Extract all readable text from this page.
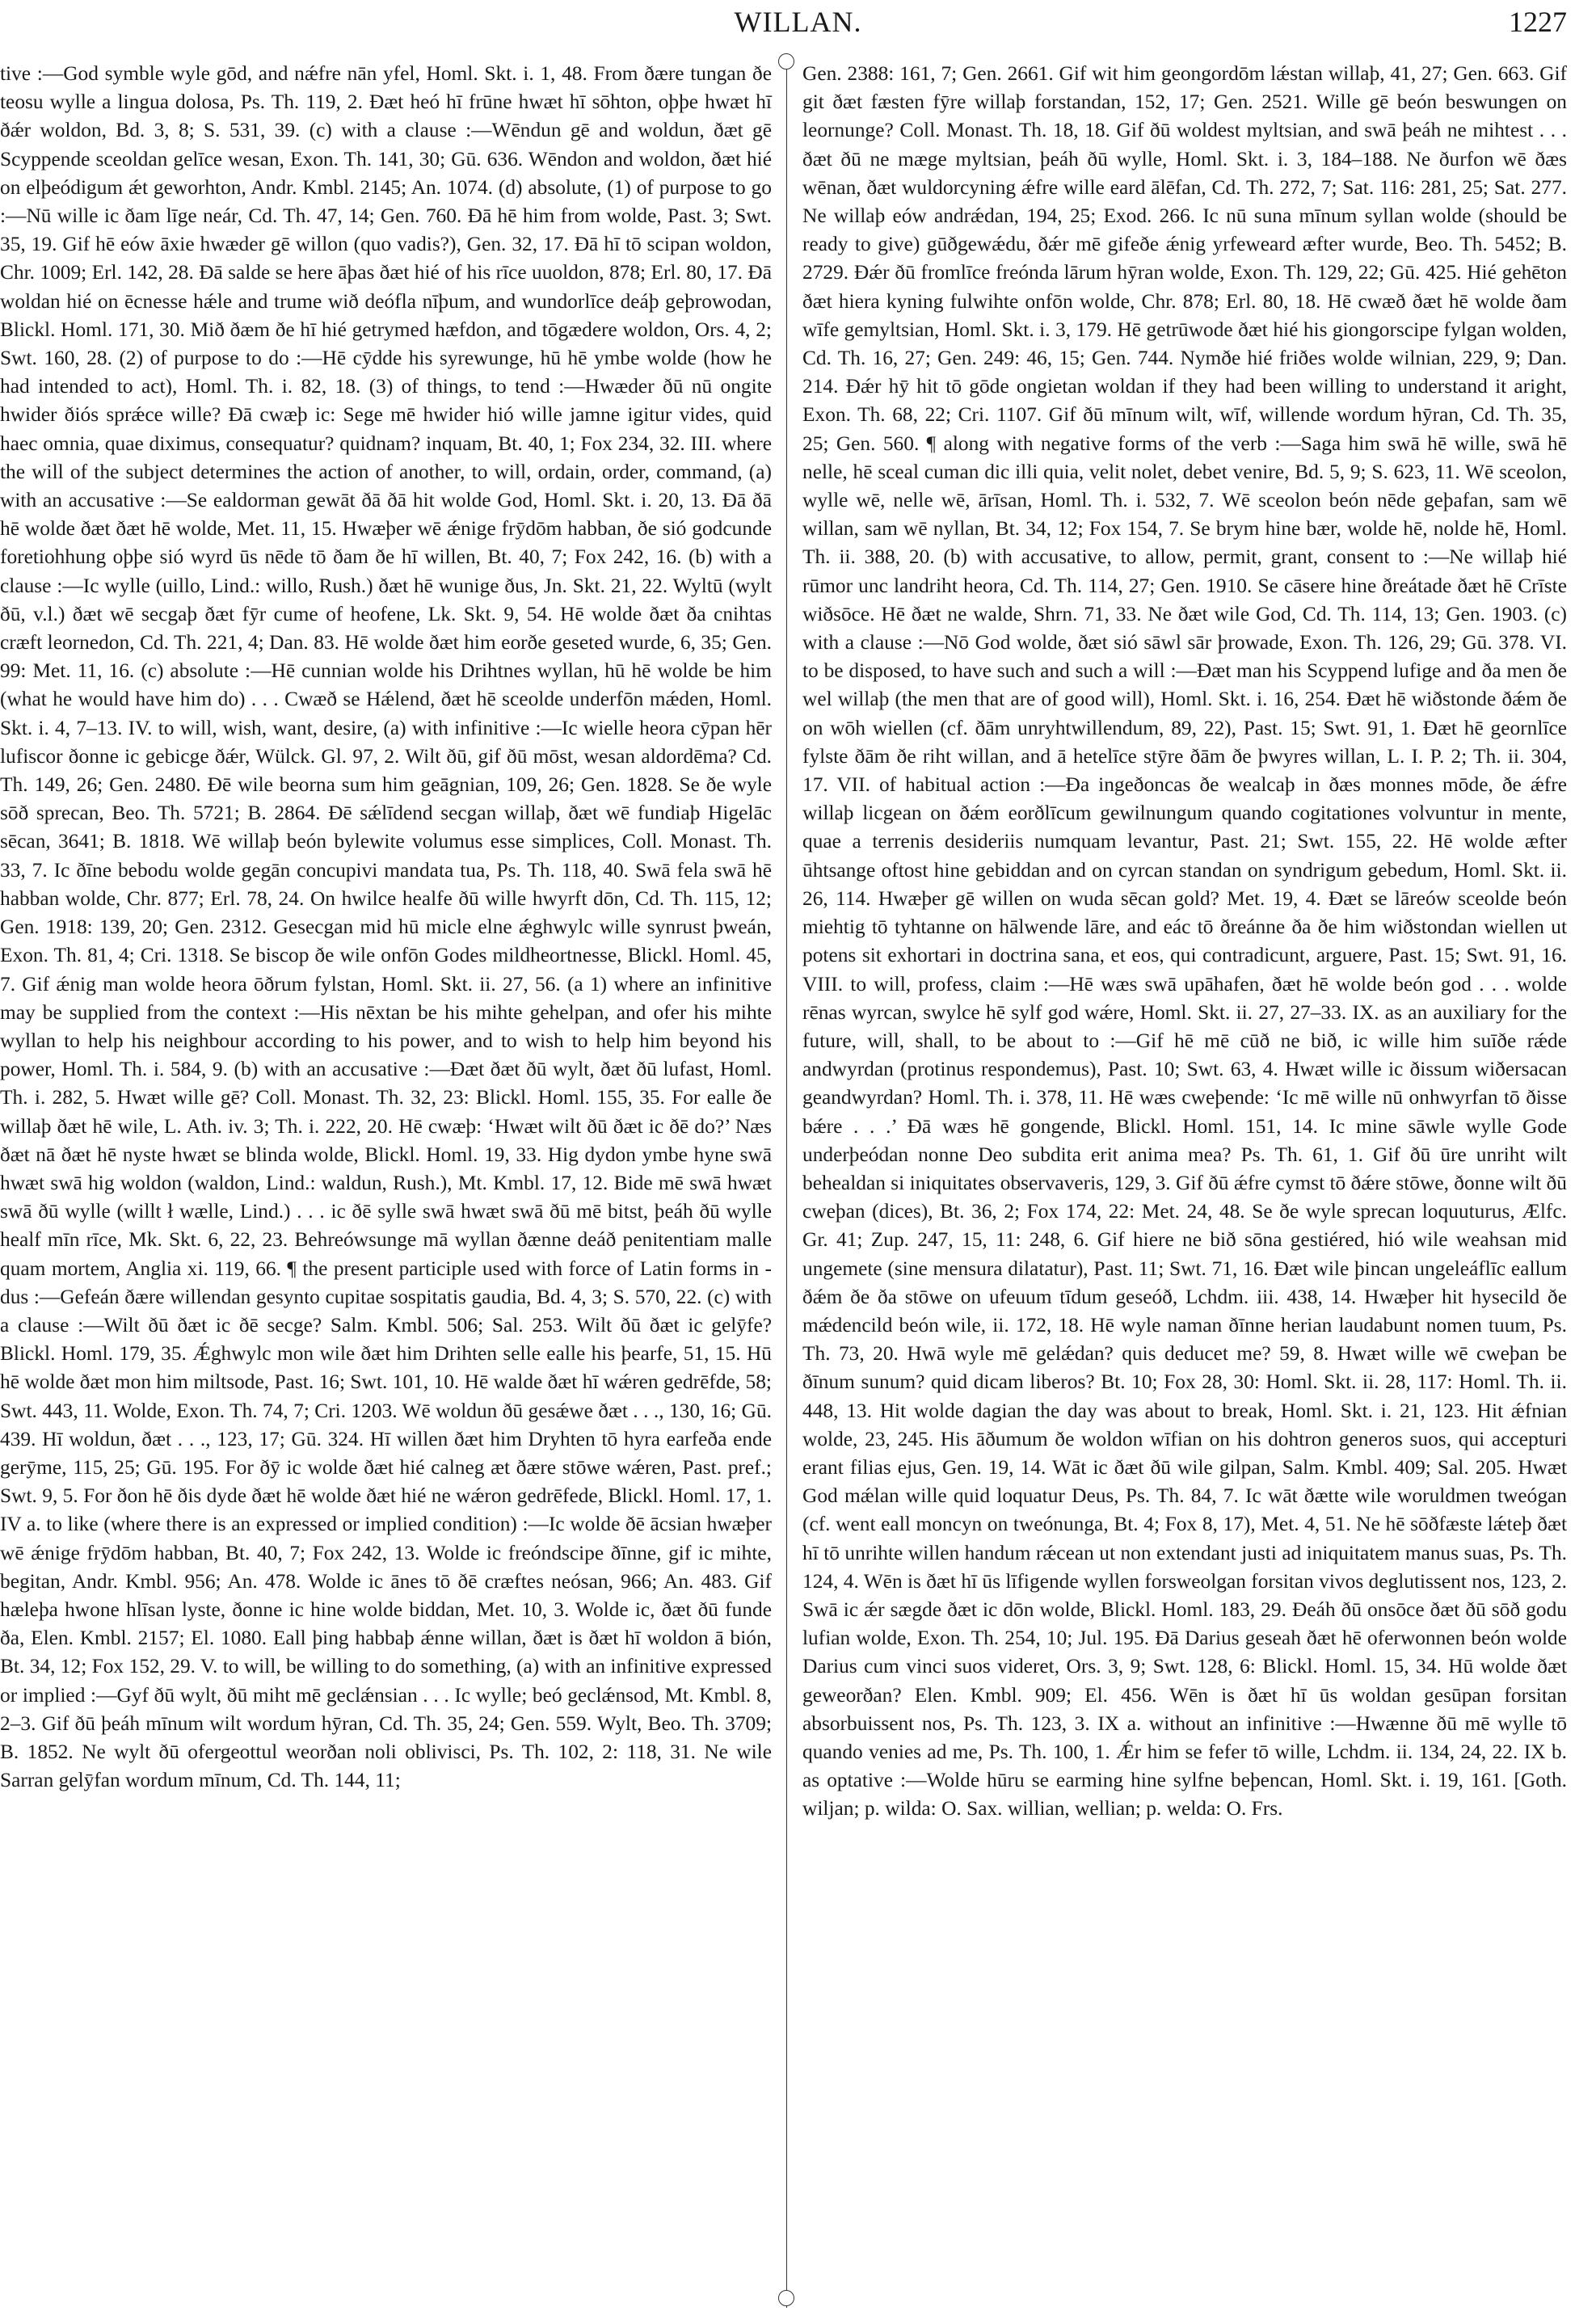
WILLAN.	1227
tive :—God symble wyle gōd, and nǽfre nān yfel, Homl. Skt. i. 1, 48. From ðære tungan ðe teosu wylle a lingua dolosa, Ps. Th. 119, 2. Ðæt heó hī frūne hwæt hī sōhton, oþþe hwæt hī ðǽr woldon, Bd. 3, 8; S. 531, 39. (c) with a clause :—Wēndun gē and woldun, ðæt gē Scyppende sceoldan gelīce wesan, Exon. Th. 141, 30; Gū. 636. Wēndon and woldon, ðæt hié on elþeódigum ǽt geworhton, Andr. Kmbl. 2145; An. 1074. (d) absolute, (1) of purpose to go :—Nū wille ic ðam līge neár, Cd. Th. 47, 14; Gen. 760. Ðā hē him from wolde, Past. 3; Swt. 35, 19. Gif hē eów āxie hwæder gē willon (quo vadis?), Gen. 32, 17. Ðā hī tō scipan woldon, Chr. 1009; Erl. 142, 28. Ðā salde se here āþas ðæt hié of his rīce uuoldon, 878; Erl. 80, 17. Ðā woldan hié on ēcnesse hǽle and trume wið deófla nīþum, and wundorlīce deáþ geþrowodan, Blickl. Homl. 171, 30. Mið ðæm ðe hī hié getrymed hæfdon, and tōgædere woldon, Ors. 4, 2; Swt. 160, 28. (2) of purpose to do :—Hē cȳdde his syrewunge, hū hē ymbe wolde (how he had intended to act), Homl. Th. i. 82, 18. (3) of things, to tend :—Hwæder ðū nū ongite hwider ðiós sprǽce wille? Ðā cwæþ ic: Sege mē hwider hió wille jamne igitur vides, quid haec omnia, quae diximus, consequatur? quidnam? inquam, Bt. 40, 1; Fox 234, 32. III. where the will of the subject determines the action of another, to will, ordain, order, command, (a) with an accusative :—Se ealdorman gewāt ðā ðā hit wolde God, Homl. Skt. i. 20, 13. Ðā ðā hē wolde ðæt ðæt hē wolde, Met. 11, 15. Hwæþer wē ǽnige frȳdōm habban, ðe sió godcunde foretiohhung oþþe sió wyrd ūs nēde tō ðam ðe hī willen, Bt. 40, 7; Fox 242, 16. (b) with a clause :—Ic wylle (uillo, Lind.: willo, Rush.) ðæt hē wunige ðus, Jn. Skt. 21, 22. Wyltū (wylt ðū, v.l.) ðæt wē secgaþ ðæt fȳr cume of heofene, Lk. Skt. 9, 54. Hē wolde ðæt ða cnihtas cræft leornedon, Cd. Th. 221, 4; Dan. 83. Hē wolde ðæt him eorðe geseted wurde, 6, 35; Gen. 99: Met. 11, 16. (c) absolute :—Hē cunnian wolde his Drihtnes wyllan, hū hē wolde be him (what he would have him do) . . . Cwæð se Hǽlend, ðæt hē sceolde underfōn mǽden, Homl. Skt. i. 4, 7–13. IV. to will, wish, want, desire, (a) with infinitive :—Ic wielle heora cȳpan hēr lufiscor ðonne ic gebicge ðǽr, Wülck. Gl. 97, 2. Wilt ðū, gif ðū mōst, wesan aldordēma? Cd. Th. 149, 26; Gen. 2480. Ðē wile beorna sum him geāgnian, 109, 26; Gen. 1828. Se ðe wyle sōð sprecan, Beo. Th. 5721; B. 2864. Ðē sǽlīdend secgan willaþ, ðæt wē fundiaþ Higelāc sēcan, 3641; B. 1818. Wē willaþ beón bylewite volumus esse simplices, Coll. Monast. Th. 33, 7. Ic ðīne bebodu wolde gegān concupivi mandata tua, Ps. Th. 118, 40. Swā fela swā hē habban wolde, Chr. 877; Erl. 78, 24. On hwilce healfe ðū wille hwyrft dōn, Cd. Th. 115, 12; Gen. 1918: 139, 20; Gen. 2312. Gesecgan mid hū micle elne ǽghwylc wille synrust þweán, Exon. Th. 81, 4; Cri. 1318. Se biscop ðe wile onfōn Godes mildheortnesse, Blickl. Homl. 45, 7. Gif ǽnig man wolde heora ōðrum fylstan, Homl. Skt. ii. 27, 56. (a 1) where an infinitive may be supplied from the context :—His nēxtan be his mihte gehelpan, and ofer his mihte wyllan to help his neighbour according to his power, and to wish to help him beyond his power, Homl. Th. i. 584, 9. (b) with an accusative :—Ðæt ðæt ðū wylt, ðæt ðū lufast, Homl. Th. i. 282, 5. Hwæt wille gē? Coll. Monast. Th. 32, 23: Blickl. Homl. 155, 35. For ealle ðe willaþ ðæt hē wile, L. Ath. iv. 3; Th. i. 222, 20. Hē cwæþ: ‘Hwæt wilt ðū ðæt ic ðē do?’ Næs ðæt nā ðæt hē nyste hwæt se blinda wolde, Blickl. Homl. 19, 33. Hig dydon ymbe hyne swā hwæt swā hig woldon (waldon, Lind.: waldun, Rush.), Mt. Kmbl. 17, 12. Bide mē swā hwæt swā ðū wylle (willt ł wælle, Lind.) . . . ic ðē sylle swā hwæt swā ðū mē bitst, þeáh ðū wylle healf mīn rīce, Mk. Skt. 6, 22, 23. Behreówsunge mā wyllan ðænne deáð penitentiam malle quam mortem, Anglia xi. 119, 66. ¶ the present participle used with force of Latin forms in -dus :—Gefeán ðære willendan gesynto cupitae sospitatis gaudia, Bd. 4, 3; S. 570, 22. (c) with a clause :—Wilt ðū ðæt ic ðē secge? Salm. Kmbl. 506; Sal. 253. Wilt ðū ðæt ic gelȳfe? Blickl. Homl. 179, 35. Ǽghwylc mon wile ðæt him Drihten selle ealle his þearfe, 51, 15. Hū hē wolde ðæt mon him miltsode, Past. 16; Swt. 101, 10. Hē walde ðæt hī wǽren gedrēfde, 58; Swt. 443, 11. Wolde, Exon. Th. 74, 7; Cri. 1203. Wē woldun ðū gesǽwe ðæt . . ., 130, 16; Gū. 439. Hī woldun, ðæt . . ., 123, 17; Gū. 324. Hī willen ðæt him Dryhten tō hyra earfeða ende gerȳme, 115, 25; Gū. 195. For ðȳ ic wolde ðæt hié calneg æt ðære stōwe wǽren, Past. pref.; Swt. 9, 5. For ðon hē ðis dyde ðæt hē wolde ðæt hié ne wǽron gedrēfede, Blickl. Homl. 17, 1. IV a. to like (where there is an expressed or implied condition) :—Ic wolde ðē ācsian hwæþer wē ǽnige frȳdōm habban, Bt. 40, 7; Fox 242, 13. Wolde ic freóndscipe ðīnne, gif ic mihte, begitan, Andr. Kmbl. 956; An. 478. Wolde ic ānes tō ðē cræftes neósan, 966; An. 483. Gif hæleþa hwone hlīsan lyste, ðonne ic hine wolde biddan, Met. 10, 3. Wolde ic, ðæt ðū funde ða, Elen. Kmbl. 2157; El. 1080. Eall þing habbaþ ǽnne willan, ðæt is ðæt hī woldon ā bión, Bt. 34, 12; Fox 152, 29. V. to will, be willing to do something, (a) with an infinitive expressed or implied :—Gyf ðū wylt, ðū miht mē geclǽnsian . . . Ic wylle; beó geclǽnsod, Mt. Kmbl. 8, 2–3. Gif ðū þeáh mīnum wilt wordum hȳran, Cd. Th. 35, 24; Gen. 559. Wylt, Beo. Th. 3709; B. 1852. Ne wylt ðū ofergeottul weorðan noli oblivisci, Ps. Th. 102, 2: 118, 31. Ne wile Sarran gelȳfan wordum mīnum, Cd. Th. 144, 11;
Gen. 2388: 161, 7; Gen. 2661. Gif wit him geongordōm lǽstan willaþ, 41, 27; Gen. 663. Gif git ðæt fæsten fȳre willaþ forstandan, 152, 17; Gen. 2521. Wille gē beón beswungen on leornunge? Coll. Monast. Th. 18, 18. Gif ðū woldest myltsian, and swā þeáh ne mihtest . . . ðæt ðū ne mæge myltsian, þeáh ðū wylle, Homl. Skt. i. 3, 184–188. Ne ðurfon wē ðæs wēnan, ðæt wuldorcyning ǽfre wille eard ālēfan, Cd. Th. 272, 7; Sat. 116: 281, 25; Sat. 277. Ne willaþ eów andrǽdan, 194, 25; Exod. 266. Ic nū suna mīnum syllan wolde (should be ready to give) gūðgewǽdu, ðǽr mē gifeðe ǽnig yrfeweard æfter wurde, Beo. Th. 5452; B. 2729. Ðǽr ðū fromlīce freónda lārum hȳran wolde, Exon. Th. 129, 22; Gū. 425. Hié gehēton ðæt hiera kyning fulwihte onfōn wolde, Chr. 878; Erl. 80, 18. Hē cwæð ðæt hē wolde ðam wīfe gemyltsian, Homl. Skt. i. 3, 179. Hē getrūwode ðæt hié his giongorscipe fylgan wolden, Cd. Th. 16, 27; Gen. 249: 46, 15; Gen. 744. Nymðe hié friðes wolde wilnian, 229, 9; Dan. 214. Ðǽr hȳ hit tō gōde ongietan woldan if they had been willing to understand it aright, Exon. Th. 68, 22; Cri. 1107. Gif ðū mīnum wilt, wīf, willende wordum hȳran, Cd. Th. 35, 25; Gen. 560. ¶ along with negative forms of the verb :—Saga him swā hē wille, swā hē nelle, hē sceal cuman dic illi quia, velit nolet, debet venire, Bd. 5, 9; S. 623, 11. Wē sceolon, wylle wē, nelle wē, ārīsan, Homl. Th. i. 532, 7. Wē sceolon beón nēde geþafan, sam wē willan, sam wē nyllan, Bt. 34, 12; Fox 154, 7. Se brym hine bær, wolde hē, nolde hē, Homl. Th. ii. 388, 20. (b) with accusative, to allow, permit, grant, consent to :—Ne willaþ hié rūmor unc landriht heora, Cd. Th. 114, 27; Gen. 1910. Se cāsere hine ðreátade ðæt hē Crīste wiðsōce. Hē ðæt ne walde, Shrn. 71, 33. Ne ðæt wile God, Cd. Th. 114, 13; Gen. 1903. (c) with a clause :—Nō God wolde, ðæt sió sāwl sār þrowade, Exon. Th. 126, 29; Gū. 378. VI. to be disposed, to have such and such a will :—Ðæt man his Scyppend lufige and ða men ðe wel willaþ (the men that are of good will), Homl. Skt. i. 16, 254. Ðæt hē wiðstonde ðǽm ðe on wōh wiellen (cf. ðām unryhtwillendum, 89, 22), Past. 15; Swt. 91, 1. Ðæt hē geornlīce fylste ðām ðe riht willan, and ā hetelīce stȳre ðām ðe þwyres willan, L. I. P. 2; Th. ii. 304, 17. VII. of habitual action :—Ða ingeðoncas ðe wealcaþ in ðæs monnes mōde, ðe ǽfre willaþ licgean on ðǽm eorðlīcum gewilnungum quando cogitationes volvuntur in mente, quae a terrenis desideriis numquam levantur, Past. 21; Swt. 155, 22. Hē wolde æfter ūhtsange oftost hine gebiddan and on cyrcan standan on syndrigum gebedum, Homl. Skt. ii. 26, 114. Hwæþer gē willen on wuda sēcan gold? Met. 19, 4. Ðæt se lāreów sceolde beón miehtig tō tyhtanne on hālwende lāre, and eác tō ðreánne ða ðe him wiðstondan wiellen ut potens sit exhortari in doctrina sana, et eos, qui contradicunt, arguere, Past. 15; Swt. 91, 16. VIII. to will, profess, claim :—Hē wæs swā upāhafen, ðæt hē wolde beón god . . . wolde rēnas wyrcan, swylce hē sylf god wǽre, Homl. Skt. ii. 27, 27–33. IX. as an auxiliary for the future, will, shall, to be about to :—Gif hē mē cūð ne bið, ic wille him suīðe rǽde andwyrdan (protinus respondemus), Past. 10; Swt. 63, 4. Hwæt wille ic ðissum wiðersacan geandwyrdan? Homl. Th. i. 378, 11. Hē wæs cweþende: ‘Ic mē wille nū onhwyrfan tō ðisse bǽre . . .’ Ðā wæs hē gongende, Blickl. Homl. 151, 14. Ic mine sāwle wylle Gode underþeódan nonne Deo subdita erit anima mea? Ps. Th. 61, 1. Gif ðū ūre unriht wilt behealdan si iniquitates observaveris, 129, 3. Gif ðū ǽfre cymst tō ðǽre stōwe, ðonne wilt ðū cweþan (dices), Bt. 36, 2; Fox 174, 22: Met. 24, 48. Se ðe wyle sprecan loquuturus, Ælfc. Gr. 41; Zup. 247, 15, 11: 248, 6. Gif hiere ne bið sōna gestiéred, hió wile weahsan mid ungemete (sine mensura dilatatur), Past. 11; Swt. 71, 16. Ðæt wile þincan ungeleáflīc eallum ðǽm ðe ða stōwe on ufeuum tīdum geseóð, Lchdm. iii. 438, 14. Hwæþer hit hysecild ðe mǽdencild beón wile, ii. 172, 18. Hē wyle naman ðīnne herian laudabunt nomen tuum, Ps. Th. 73, 20. Hwā wyle mē gelǽdan? quis deducet me? 59, 8. Hwæt wille wē cweþan be ðīnum sunum? quid dicam liberos? Bt. 10; Fox 28, 30: Homl. Skt. ii. 28, 117: Homl. Th. ii. 448, 13. Hit wolde dagian the day was about to break, Homl. Skt. i. 21, 123. Hit ǽfnian wolde, 23, 245. His āðumum ðe woldon wīfian on his dohtron generos suos, qui accepturi erant filias ejus, Gen. 19, 14. Wāt ic ðæt ðū wile gilpan, Salm. Kmbl. 409; Sal. 205. Hwæt God mǽlan wille quid loquatur Deus, Ps. Th. 84, 7. Ic wāt ðætte wile woruldmen tweógan (cf. went eall moncyn on tweónunga, Bt. 4; Fox 8, 17), Met. 4, 51. Ne hē sōðfæste lǽteþ ðæt hī tō unrihte willen handum rǽcean ut non extendant justi ad iniquitatem manus suas, Ps. Th. 124, 4. Wēn is ðæt hī ūs līfigende wyllen forsweolgan forsitan vivos deglutissent nos, 123, 2. Swā ic ǽr sægde ðæt ic dōn wolde, Blickl. Homl. 183, 29. Ðeáh ðū onsōce ðæt ðū sōð godu lufian wolde, Exon. Th. 254, 10; Jul. 195. Ðā Darius geseah ðæt hē oferwonnen beón wolde Darius cum vinci suos videret, Ors. 3, 9; Swt. 128, 6: Blickl. Homl. 15, 34. Hū wolde ðæt geweorðan? Elen. Kmbl. 909; El. 456. Wēn is ðæt hī ūs woldan gesūpan forsitan absorbuissent nos, Ps. Th. 123, 3. IX a. without an infinitive :—Hwænne ðū mē wylle tō quando venies ad me, Ps. Th. 100, 1. Ǽr him se fefer tō wille, Lchdm. ii. 134, 24, 22. IX b. as optative :—Wolde hūru se earming hine sylfne beþencan, Homl. Skt. i. 19, 161. [Goth. wiljan; p. wilda: O. Sax. willian, wellian; p. welda: O. Frs.
